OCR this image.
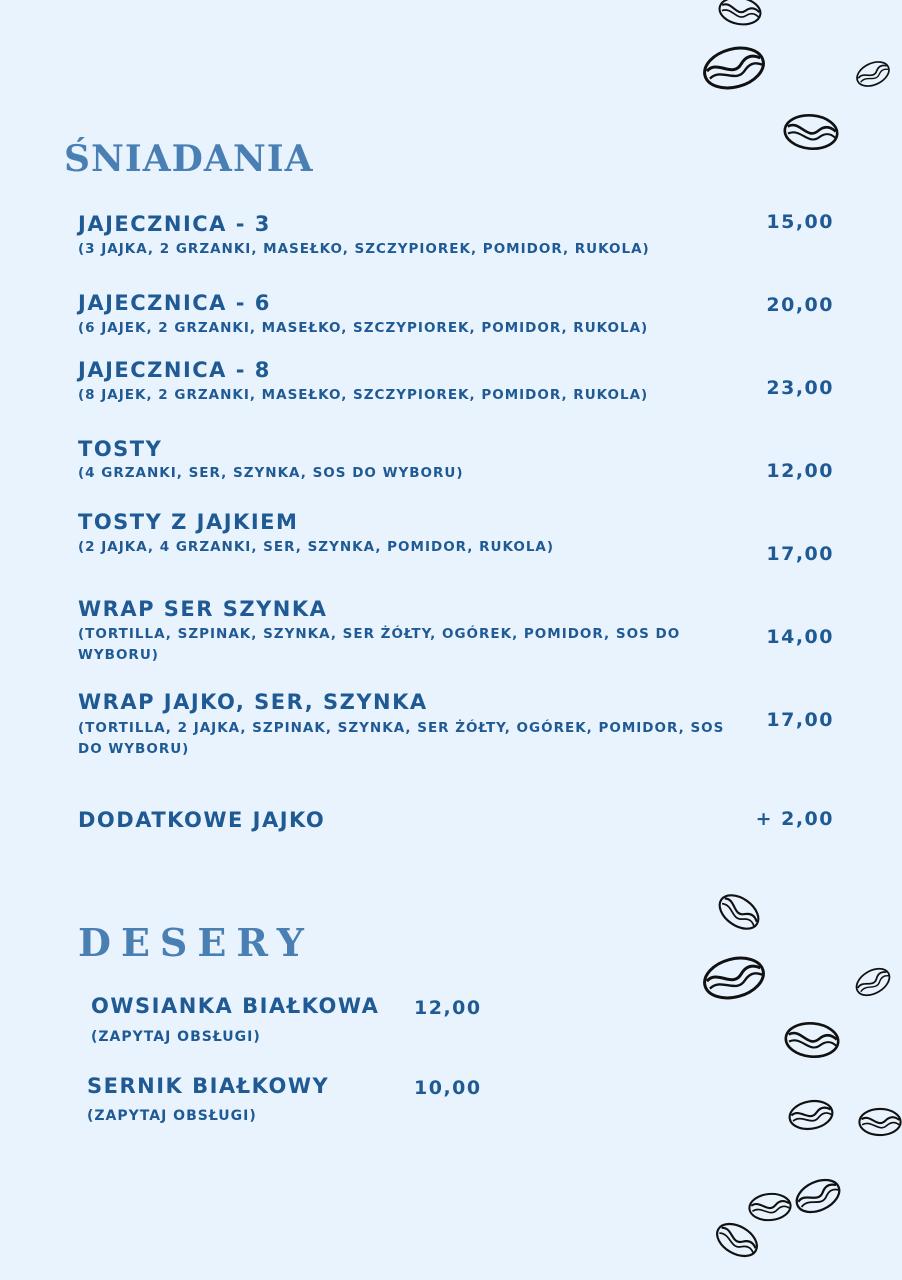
ŚNIADANIA
JAJECZNICA - 3
(3 JAJKA, 2 GRZANKI, MASEŁKO, SZCZYPIOREK, POMIDOR, RUKOLA)
15,00
JAJECZNICA - 6
(6 JAJEK, 2 GRZANKI, MASEŁKO, SZCZYPIOREK, POMIDOR, RUKOLA)
20,00
JAJECZNICA - 8
(8 JAJEK, 2 GRZANKI, MASEŁKO, SZCZYPIOREK, POMIDOR, RUKOLA)	23,00
TOSTY
(4 GRZANKI, SER, SZYNKA, SOS DO WYBORU)	12,00
TOSTY Z JAJKIEM
(2 JAJKA, 4 GRZANKI, SER, SZYNKA, POMIDOR, RUKOLA)	17,00
WRAP SER SZYNKA
(TORTILLA, SZPINAK, SZYNKA, SER ŻÓŁTY, OGÓREK, POMIDOR, SOS DO WYBORU)
14,00
WRAP JAJKO, SER, SZYNKA
(TORTILLA, 2 JAJKA, SZPINAK, SZYNKA, SER ŻÓŁTY, OGÓREK, POMIDOR, SOS DO WYBORU)
17,00
DODATKOWE JAJKO	+ 2,00
DESERY
OWSIANKA BIAŁKOWA 12,00
(ZAPYTAJ OBSŁUGI)
SERNIK BIAŁKOWY	10,00
(ZAPYTAJ OBSŁUGI)
